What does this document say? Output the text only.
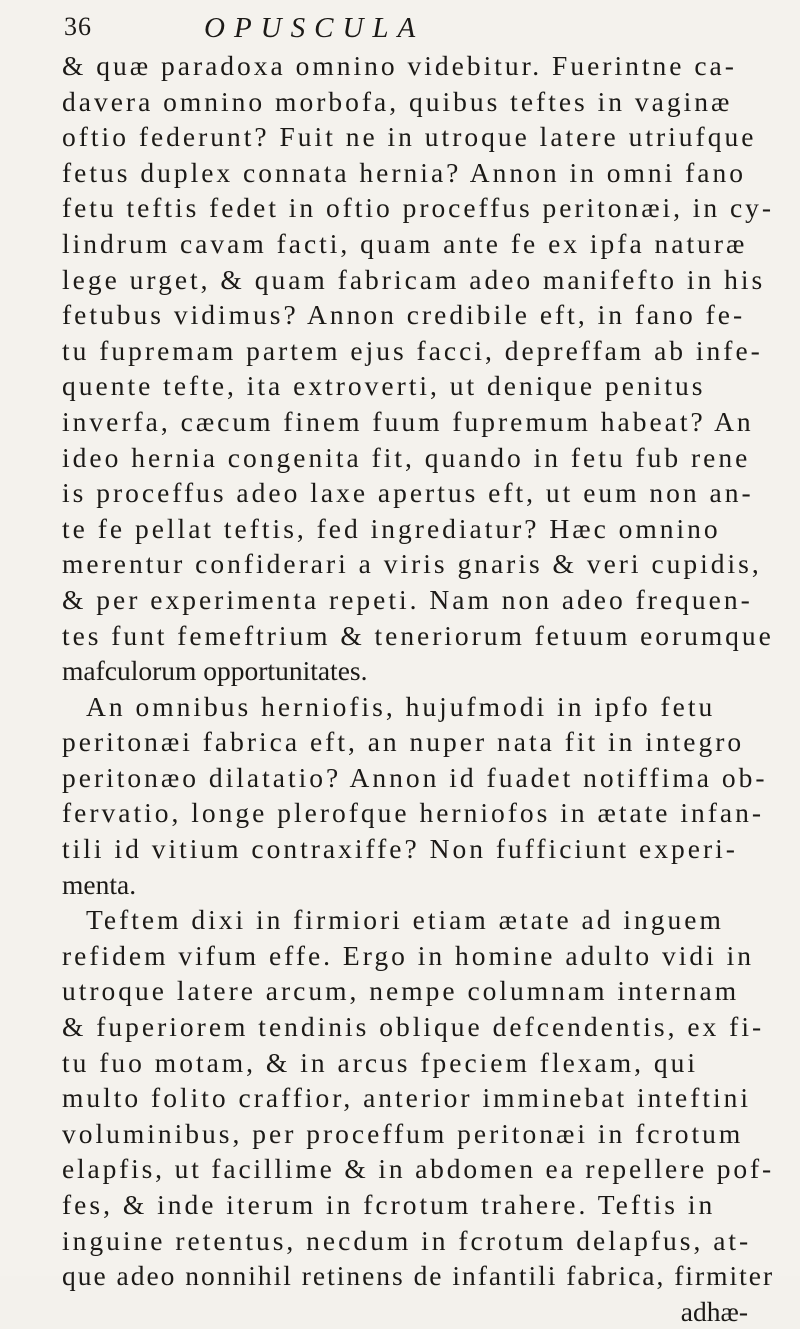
36	OPUSCULA
& quæ paradoxa omnino videbitur. Fuerintne ca-
davera omnino morbofa, quibus teftes in vaginæ
oftio federunt? Fuit ne in utroque latere utriufque
fetus duplex connata hernia? Annon in omni fano
fetu teftis fedet in oftio proceffus peritonæi, in cy-
lindrum cavam facti, quam ante fe ex ipfa naturæ
lege urget, & quam fabricam adeo manifefto in his
fetubus vidimus? Annon credibile eft, in fano fe-
tu fupremam partem ejus facci, depreffam ab infe-
quente tefte, ita extroverti, ut denique penitus
inverfa, cæcum finem fuum fupremum habeat? An
ideo hernia congenita fit, quando in fetu fub rene
is proceffus adeo laxe apertus eft, ut eum non an-
te fe pellat teftis, fed ingrediatur? Hæc omnino
merentur confiderari a viris gnaris & veri cupidis,
& per experimenta repeti. Nam non adeo frequen-
tes funt femeftrium & teneriorum fetuum eorumque
mafculorum opportunitates.
An omnibus herniofis, hujufmodi in ipfo fetu
peritonæi fabrica eft, an nuper nata fit in integro
peritonæo dilatatio? Annon id fuadet notiffima ob-
fervatio, longe plerofque herniofos in ætate infan-
tili id vitium contraxiffe? Non fufficiunt experi-
menta.
Teftem dixi in firmiori etiam ætate ad inguem
refidem vifum effe. Ergo in homine adulto vidi in
utroque latere arcum, nempe columnam internam
& fuperiorem tendinis oblique defcendentis, ex fi-
tu fuo motam, & in arcus fpeciem flexam, qui
multo folito craffior, anterior imminebat inteftini
voluminibus, per proceffum peritonæi in fcrotum
elapfis, ut facillime & in abdomen ea repellere pof-
fes, & inde iterum in fcrotum trahere. Teftis in
inguine retentus, necdum in fcrotum delapfus, at-
que adeo nonnihil retinens de infantili fabrica, firmiter
adhæ-
